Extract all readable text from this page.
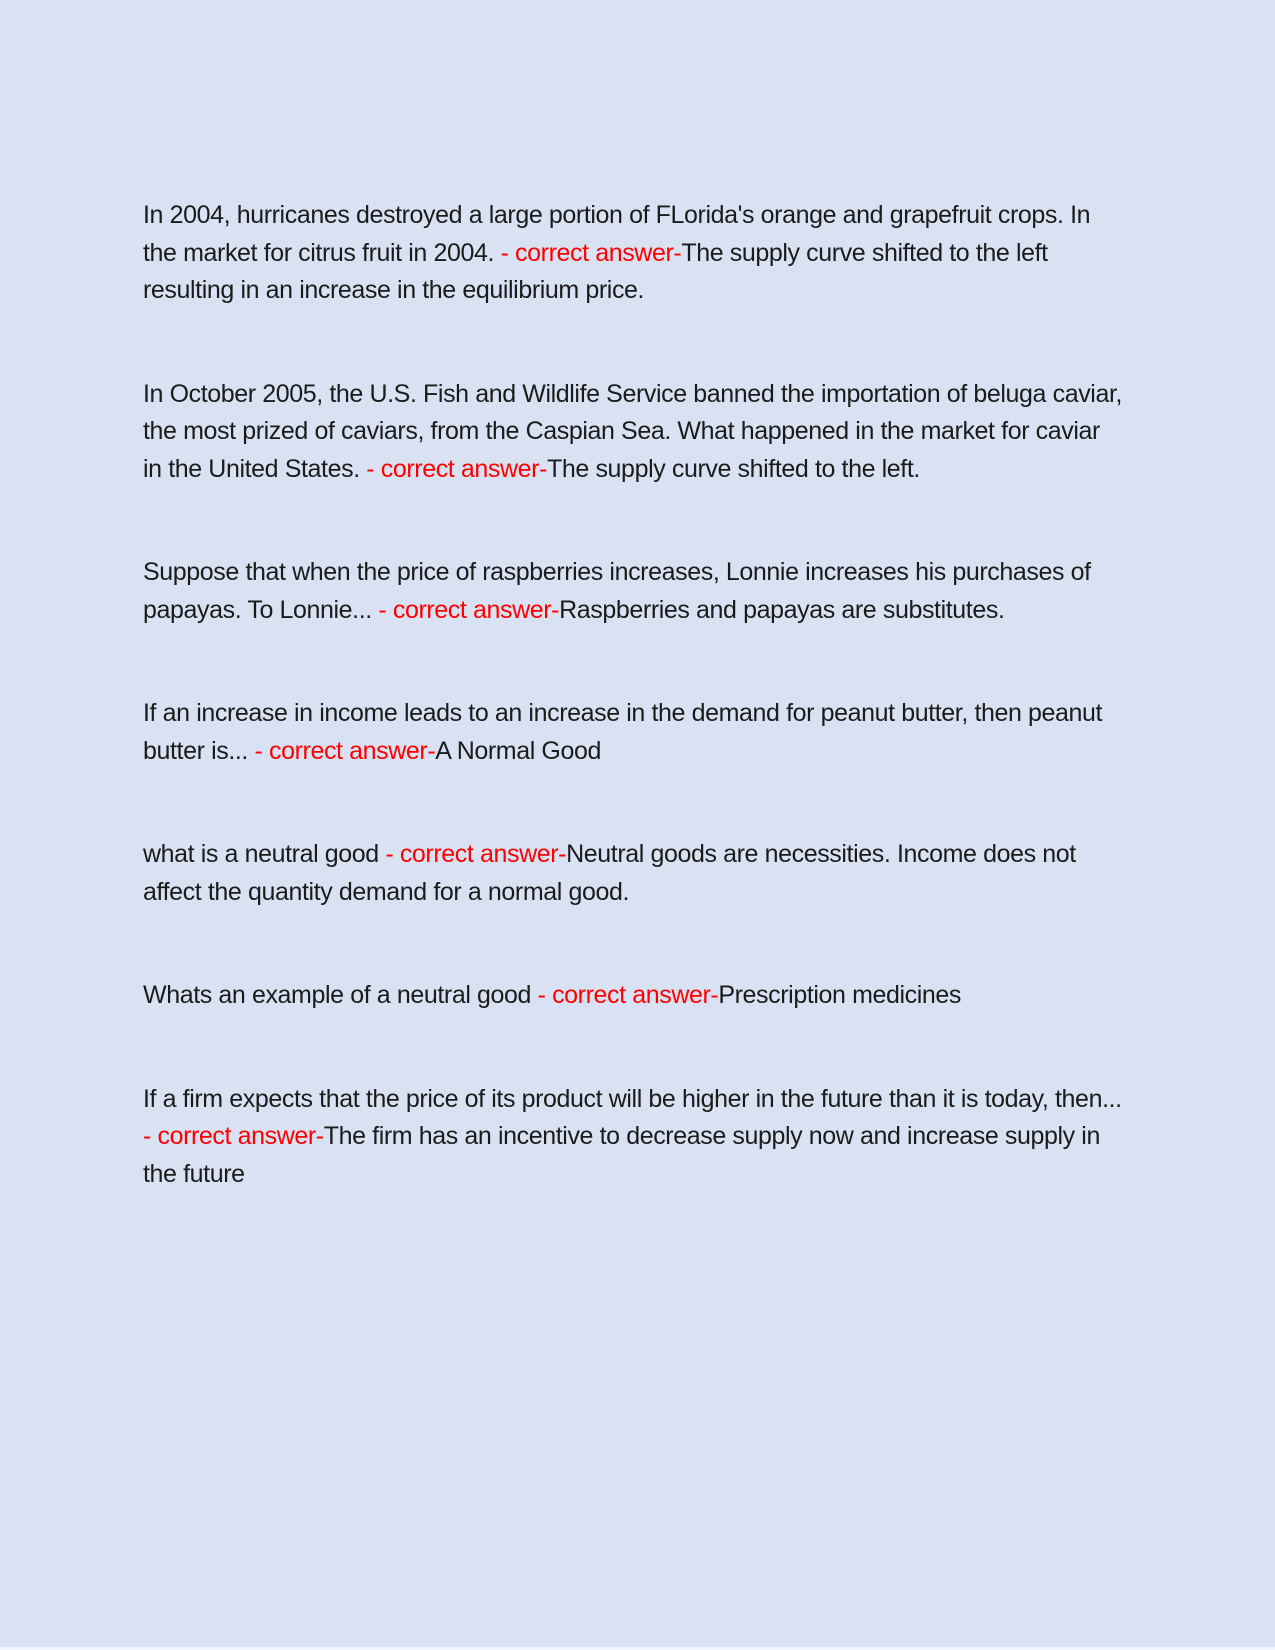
In 2004, hurricanes destroyed a large portion of FLorida's orange and grapefruit crops. In the market for citrus fruit in 2004. - correct answer-The supply curve shifted to the left resulting in an increase in the equilibrium price.

In October 2005, the U.S. Fish and Wildlife Service banned the importation of beluga caviar, the most prized of caviars, from the Caspian Sea. What happened in the market for caviar in the United States. - correct answer-The supply curve shifted to the left.

Suppose that when the price of raspberries increases, Lonnie increases his purchases of papayas. To Lonnie... - correct answer-Raspberries and papayas are substitutes.

If an increase in income leads to an increase in the demand for peanut butter, then peanut butter is... - correct answer-A Normal Good

what is a neutral good - correct answer-Neutral goods are necessities. Income does not affect the quantity demand for a normal good.

Whats an example of a neutral good - correct answer-Prescription medicines

If a firm expects that the price of its product will be higher in the future than it is today, then... - correct answer-The firm has an incentive to decrease supply now and increase supply in the future
